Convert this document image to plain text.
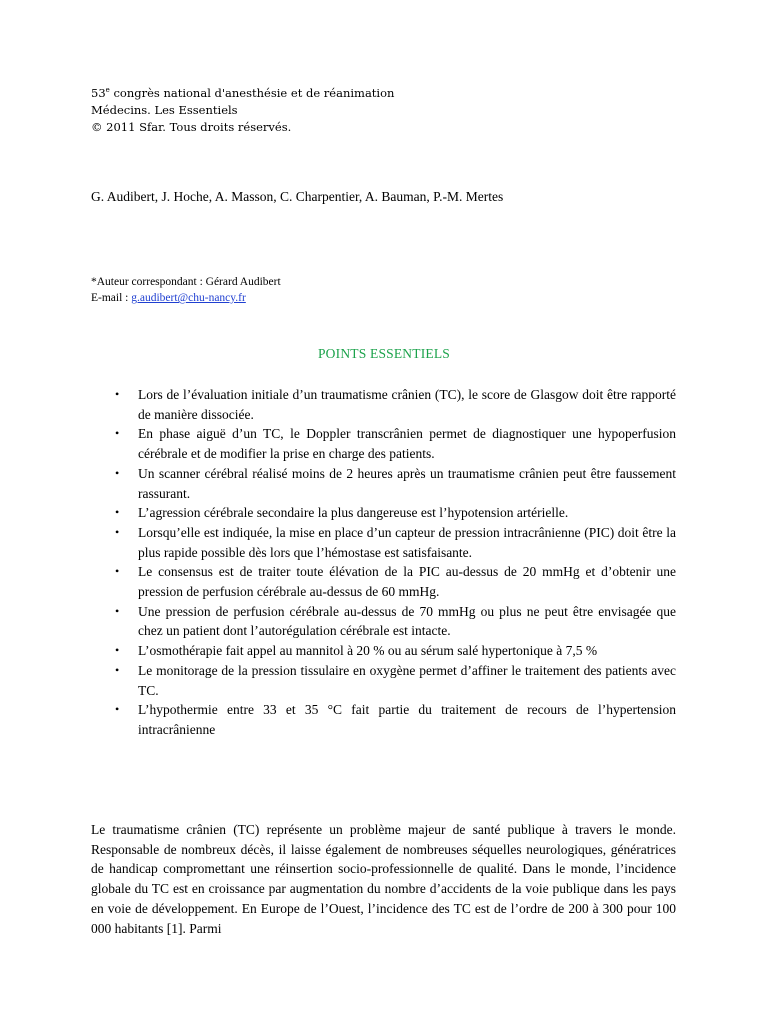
53e congrès national d'anesthésie et de réanimation
Médecins. Les Essentiels
© 2011 Sfar. Tous droits réservés.
G. Audibert, J. Hoche, A. Masson, C. Charpentier, A. Bauman, P.-M. Mertes
*Auteur correspondant : Gérard Audibert
E-mail : g.audibert@chu-nancy.fr
POINTS ESSENTIELS
• Lors de l’évaluation initiale d’un traumatisme crânien (TC), le score de Glasgow doit être rapporté de manière dissociée.
• En phase aiguë d’un TC, le Doppler transcrânien permet de diagnostiquer une hypoperfusion cérébrale et de modifier la prise en charge des patients.
• Un scanner cérébral réalisé moins de 2 heures après un traumatisme crânien peut être faussement rassurant.
• L’agression cérébrale secondaire la plus dangereuse est l’hypotension artérielle.
• Lorsqu’elle est indiquée, la mise en place d’un capteur de pression intracrânienne (PIC) doit être la plus rapide possible dès lors que l’hémostase est satisfaisante.
• Le consensus est de traiter toute élévation de la PIC au-dessus de 20 mmHg et d’obtenir une pression de perfusion cérébrale au-dessus de 60 mmHg.
• Une pression de perfusion cérébrale au-dessus de 70 mmHg ou plus ne peut être envisagée que chez un patient dont l’autorégulation cérébrale est intacte.
• L’osmothérapie fait appel au mannitol à 20 % ou au sérum salé hypertonique à 7,5 %
• Le monitorage de la pression tissulaire en oxygène permet d’affiner le traitement des patients avec TC.
• L’hypothermie entre 33 et 35 °C fait partie du traitement de recours de l’hypertension intracrânienne

Le traumatisme crânien (TC) représente un problème majeur de santé publique à travers le monde. Responsable de nombreux décès, il laisse également de nombreuses séquelles neurologiques, génératrices de handicap compromettant une réinsertion socio-professionnelle de qualité. Dans le monde, l’incidence globale du TC est en croissance par augmentation du nombre d’accidents de la voie publique dans les pays en voie de développement. En Europe de l’Ouest, l’incidence des TC est de l’ordre de 200 à 300 pour 100 000 habitants [1]. Parmi
